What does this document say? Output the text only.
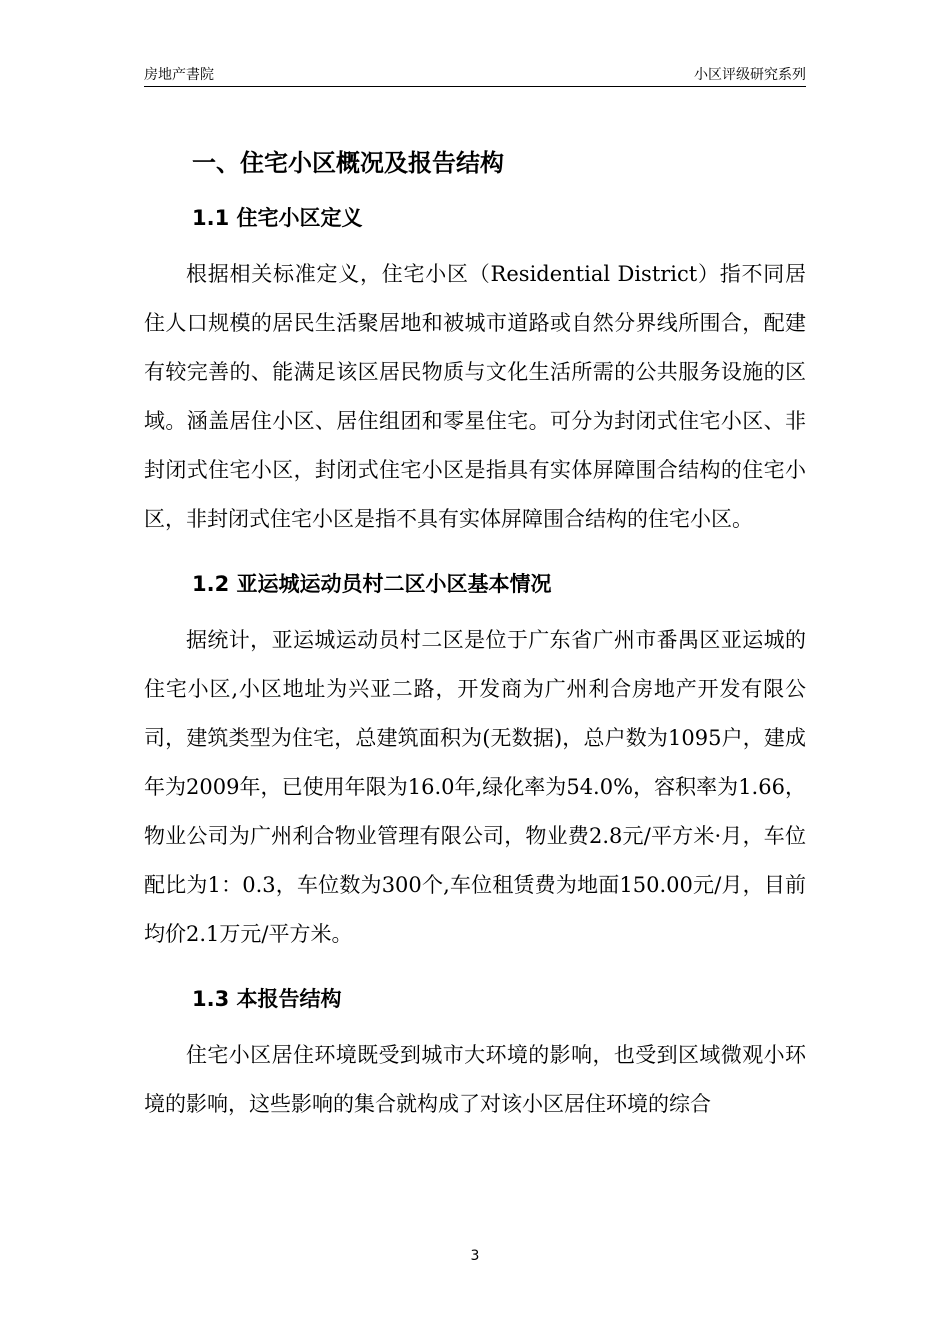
房地产書院	小区评级研究系列
一、住宅小区概况及报告结构
1.1 住宅小区定义

根据相关标准定义，住宅小区（Residential District）指不同居住人口规模的居民生活聚居地和被城市道路或自然分界线所围合，配建有较完善的、能满足该区居民物质与文化生活所需的公共服务设施的区域。涵盖居住小区、居住组团和零星住宅。可分为封闭式住宅小区、非封闭式住宅小区，封闭式住宅小区是指具有实体屏障围合结构的住宅小区，非封闭式住宅小区是指不具有实体屏障围合结构的住宅小区。

1.2 亚运城运动员村二区小区基本情况

据统计，亚运城运动员村二区是位于广东省广州市番禺区亚运城的住宅小区,小区地址为兴亚二路，开发商为广州利合房地产开发有限公司，建筑类型为住宅，总建筑面积为(无数据)，总户数为1095户，建成年为2009年，已使用年限为16.0年,绿化率为54.0%，容积率为1.66，物业公司为广州利合物业管理有限公司，物业费2.8元/平方米·月，车位配比为1：0.3，车位数为300个,车位租赁费为地面150.00元/月，目前均价2.1万元/平方米。

1.3 本报告结构

住宅小区居住环境既受到城市大环境的影响，也受到区域微观小环境的影响，这些影响的集合就构成了对该小区居住环境的综合

3
